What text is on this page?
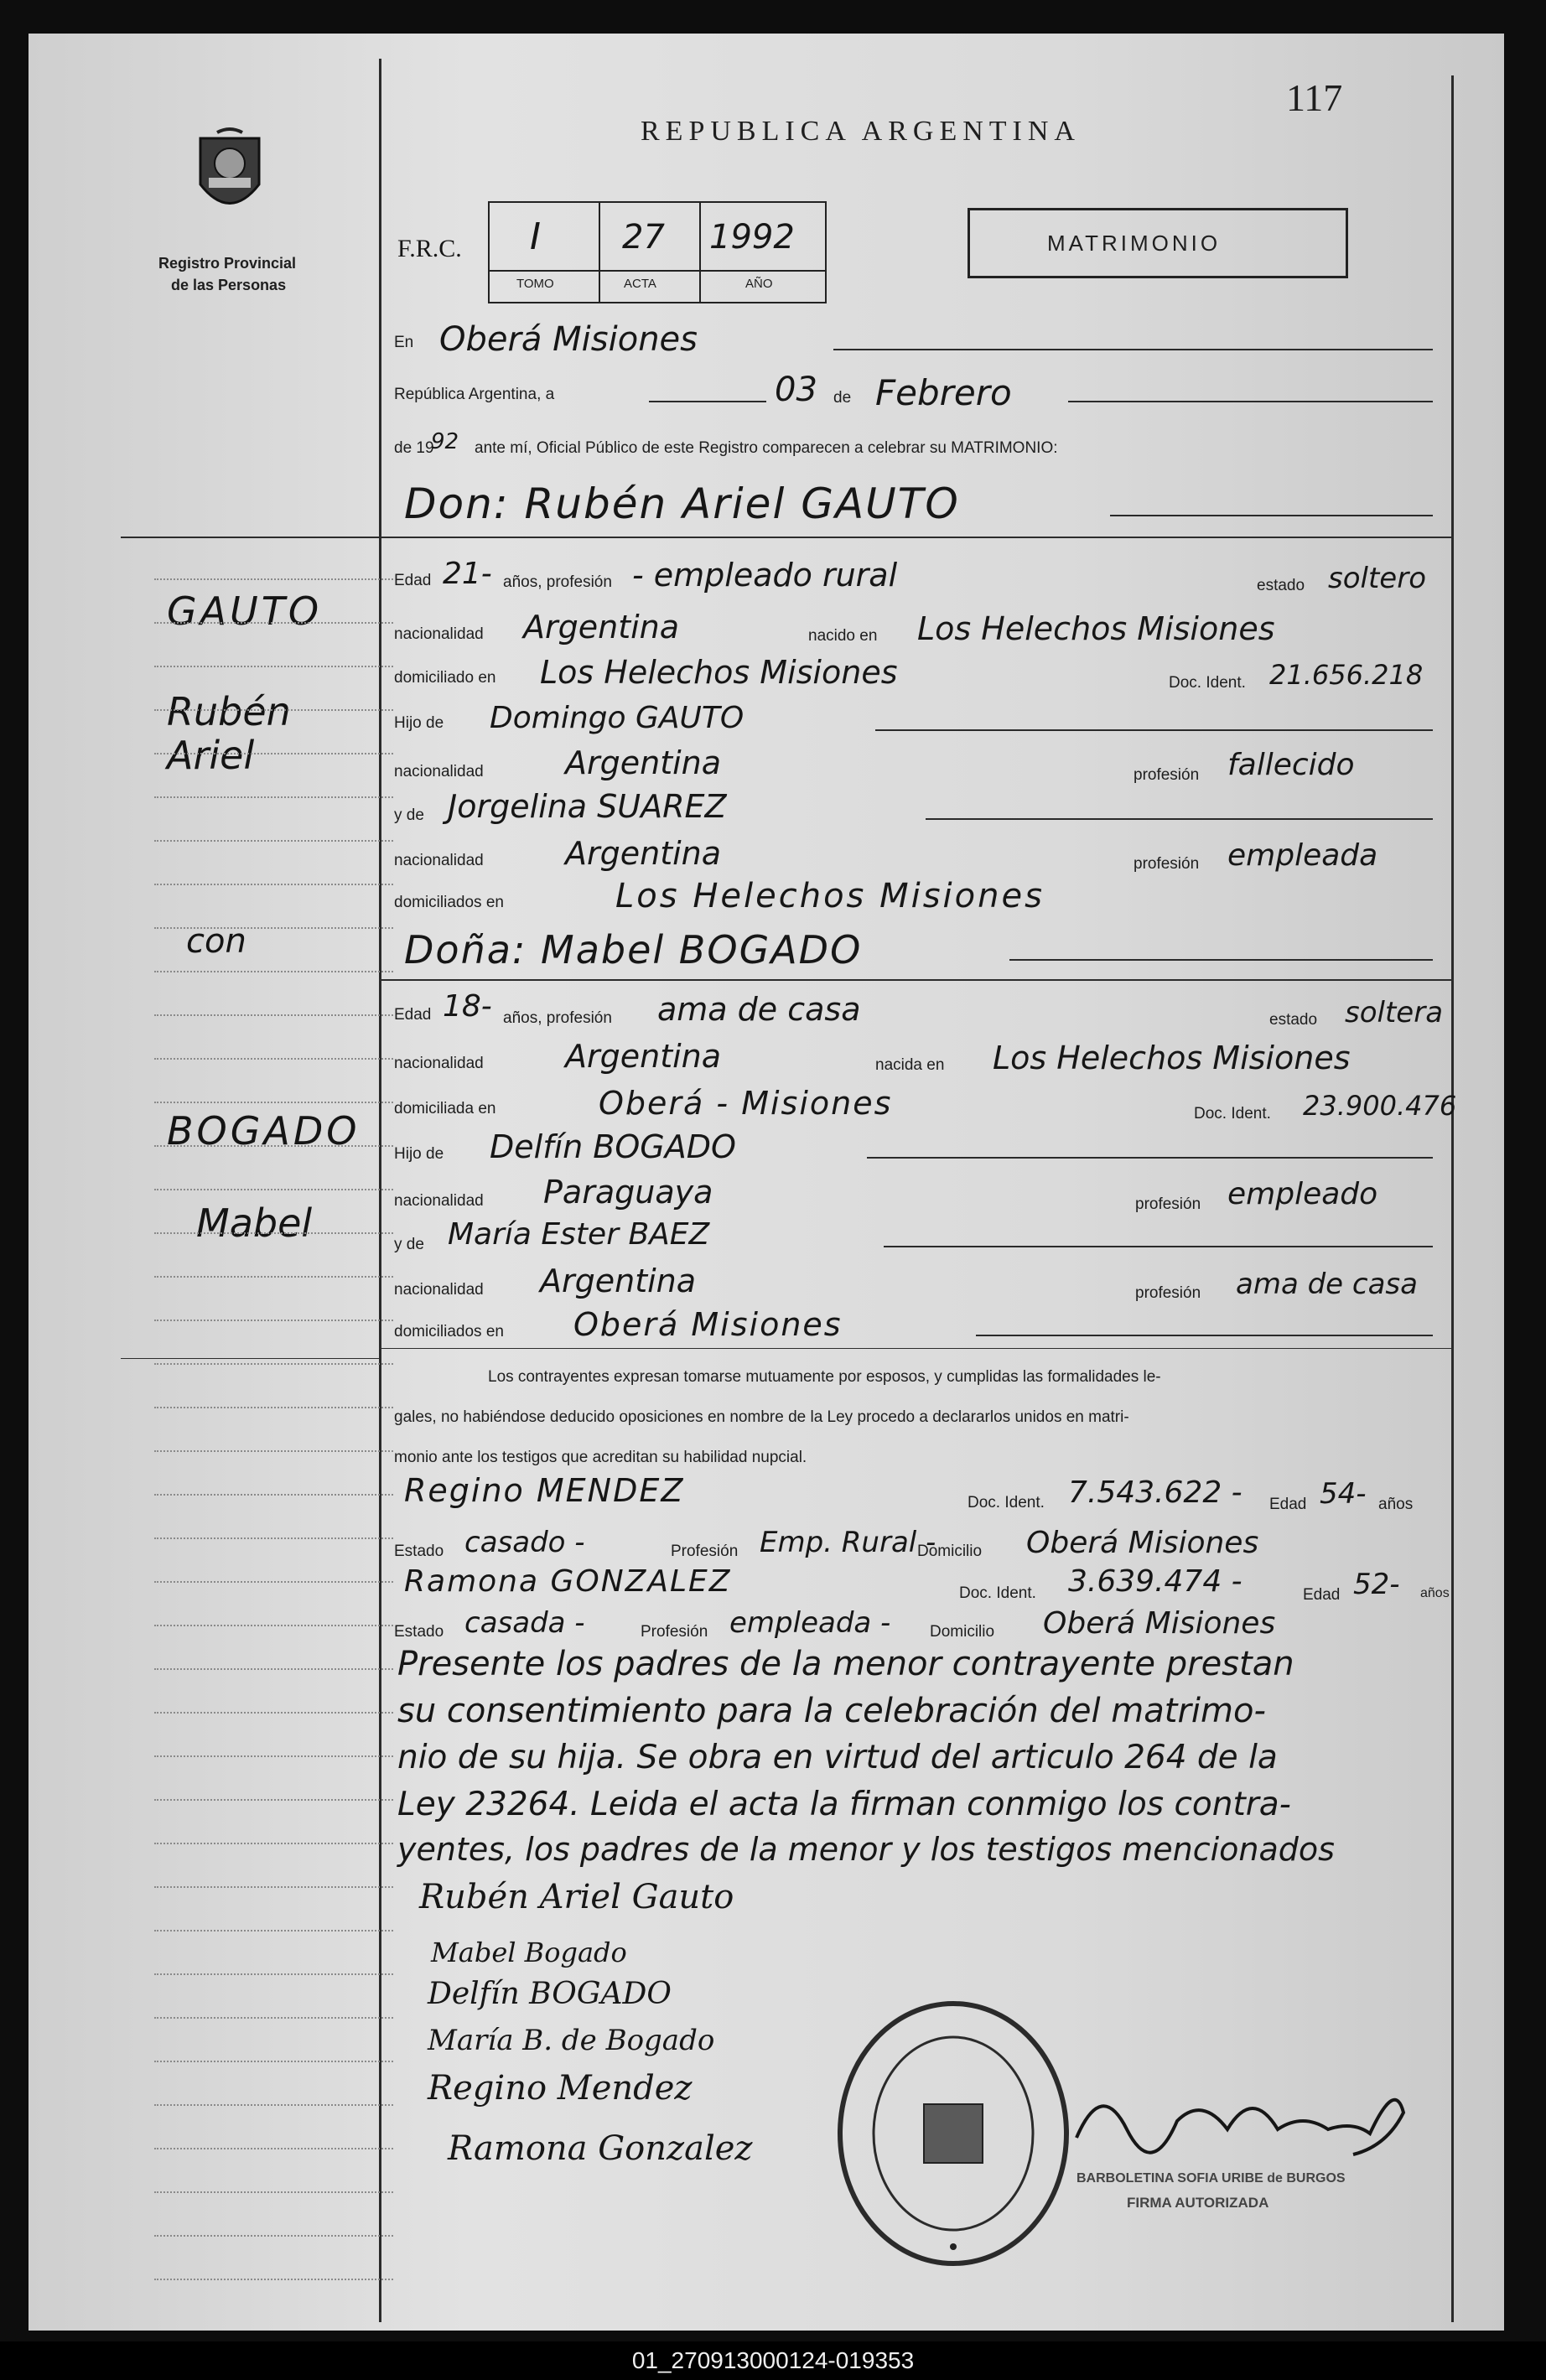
Registro Provincial
de las Personas
REPUBLICA ARGENTINA
117
F.R.C. I 27 1992
TOMO	ACTA	AÑO
MATRIMONIO
En Oberá Misiones
República Argentina, a	03 de Febrero
de 19
92 ante mí, Oficial Público de este Registro comparecen a celebrar su MATRIMONIO:
Don: Rubén Ariel GAUTO
Edad 21- años, profesión - empleado rural	estado soltero
nacionalidad Argentina	nacido en Los Helechos Misiones
domiciliado en Los Helechos Misiones	Doc. Ident. 21.656.218
Hijo de Domingo GAUTO
nacionalidad	Argentina	profesión fallecido
y de Jorgelina SUAREZ
nacionalidad	Argentina	profesión empleada
domiciliados en	Los Helechos Misiones
Doña: Mabel BOGADO
Edad 18- años, profesión ama de casa	estado soltera
nacionalidad	Argentina	nacida en Los Helechos Misiones
domiciliada en	Oberá - Misiones	Doc. Ident. 23.900.476
Hijo de Delfín BOGADO
nacionalidad Paraguaya	profesión empleado
y de María Ester BAEZ
nacionalidad Argentina	profesión ama de casa
domiciliados en Oberá Misiones
Los contrayentes expresan tomarse mutuamente por esposos, y cumplidas las formalidades le-
gales, no habiéndose deducido oposiciones en nombre de la Ley procedo a declararlos unidos en matri-
monio ante los testigos que acreditan su habilidad nupcial.
Regino MENDEZ	Doc. Ident. 7.543.622 - Edad 54- años
Estado casado -	Profesión Emp. Rural -
Domicilio Oberá Misiones
Ramona GONZALEZ	Doc. Ident. 3.639.474 -	Edad 52- años
Estado casada -	Profesión empleada - Domicilio Oberá Misiones
Presente los padres de la menor contrayente prestan
su consentimiento para la celebración del matrimo-
nio de su hija. Se obra en virtud del articulo 264 de la
Ley 23264. Leida el acta la firman conmigo los contra-
yentes, los padres de la menor y los testigos mencionados
Rubén Ariel Gauto
Mabel Bogado
Delfín BOGADO
María B. de Bogado
Regino Mendez
Ramona Gonzalez
BARBOLETINA SOFIA URIBE de BURGOS
FIRMA AUTORIZADA
GAUTO
Rubén
Ariel
con
BOGADO
Mabel
01_270913000124-019353
